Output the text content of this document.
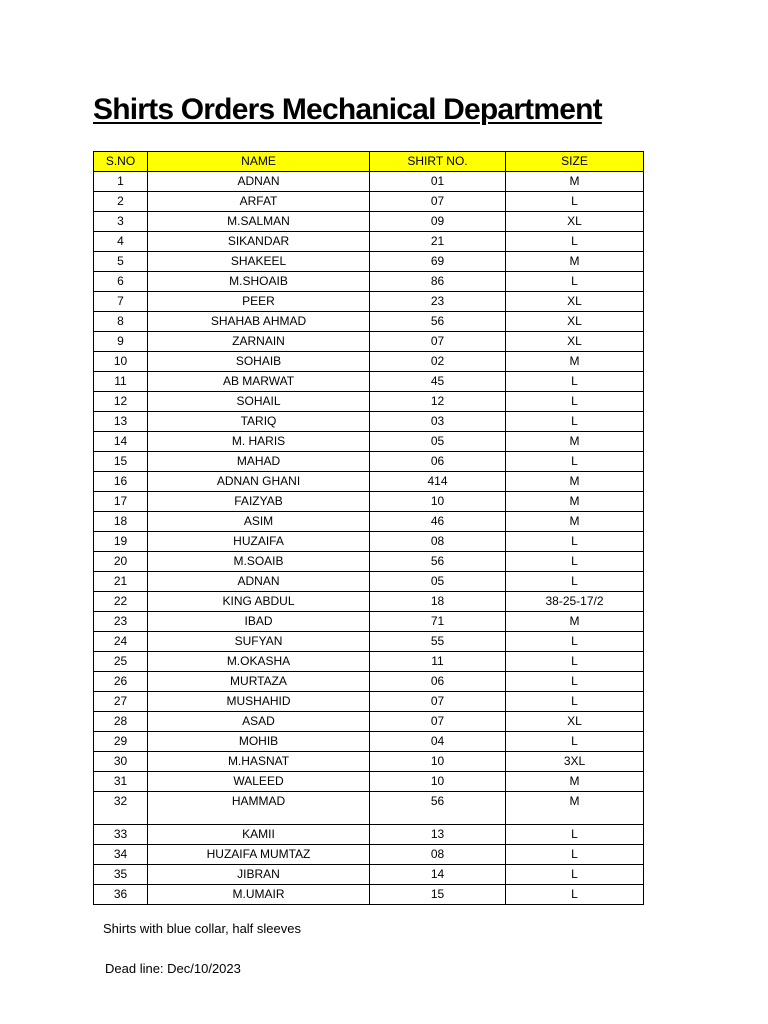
Shirts Orders Mechanical Department
S.NO	NAME	SHIRT NO.	SIZE
1	ADNAN	01	M
2	ARFAT	07	L
3	M.SALMAN	09	XL
4	SIKANDAR	21	L
5	SHAKEEL	69	M
6	M.SHOAIB	86	L
7	PEER	23	XL
8	SHAHAB AHMAD	56	XL
9	ZARNAIN	07	XL
10	SOHAIB	02	M
11	AB MARWAT	45	L
12	SOHAIL	12	L
13	TARIQ	03	L
14	M. HARIS	05	M
15	MAHAD	06	L
16	ADNAN GHANI	414	M
17	FAIZYAB	10	M
18	ASIM	46	M
19	HUZAIFA	08	L
20	M.SOAIB	56	L
21	ADNAN	05	L
22	KING ABDUL	18	38-25-17/2
23	IBAD	71	M
24	SUFYAN	55	L
25	M.OKASHA	11	L
26	MURTAZA	06	L
27	MUSHAHID	07	L
28	ASAD	07	XL
29	MOHIB	04	L
30	M.HASNAT	10	3XL
31	WALEED	10	M
32	HAMMAD	56	M
33	KAMII	13	L
34	HUZAIFA MUMTAZ	08	L
35	JIBRAN	14	L
36	M.UMAIR	15	L
Shirts with blue collar, half sleeves
Dead line: Dec/10/2023
